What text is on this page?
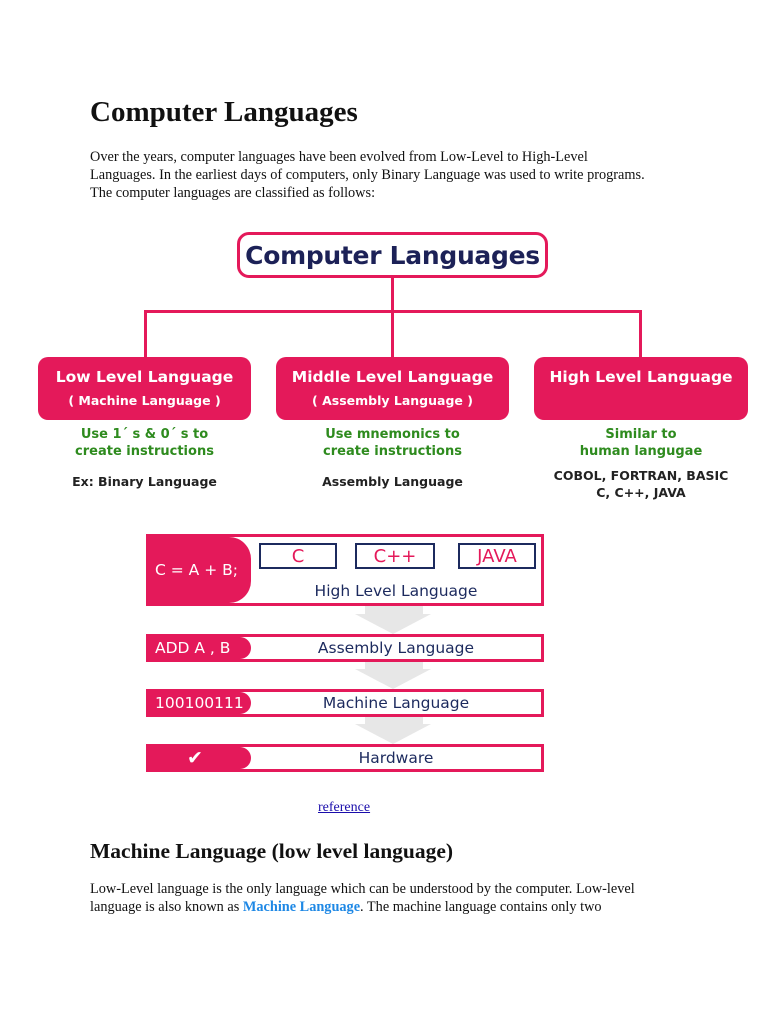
Computer Languages
Over the years, computer languages have been evolved from Low-Level to High-Level
Languages. In the earliest days of computers, only Binary Language was used to write programs.
The computer languages are classified as follows:
Computer Languages
Low Level Language
( Machine Language )
Middle Level Language
( Assembly Language )
High Level Language
Use 1´ s & 0´ s to
create instructions
Use mnemonics to
create instructions
Similar to
human langugae
Ex: Binary Language	Assembly Language	COBOL, FORTRAN, BASIC
C, C++, JAVA
C = A + B;
C	C++	JAVA
High Level Language
ADD A , B	Assembly Language
100100111	Machine Language
✔	Hardware
reference
Machine Language (low level language)
Low-Level language is the only language which can be understood by the computer. Low-level
language is also known as Machine Language. The machine language contains only two
